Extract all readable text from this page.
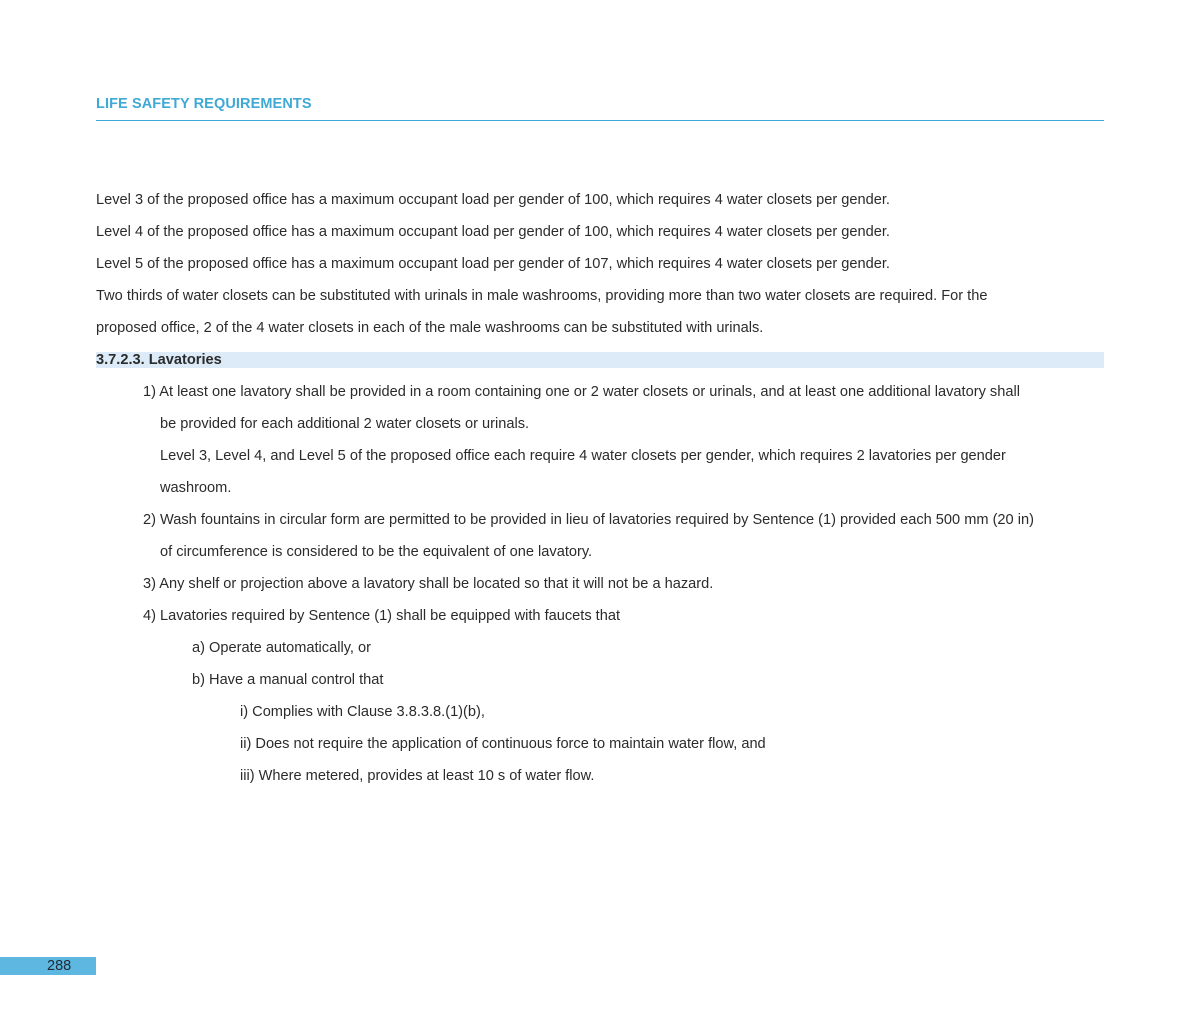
LIFE SAFETY REQUIREMENTS
Level 3 of the proposed office has a maximum occupant load per gender of 100, which requires 4 water closets per gender.
Level 4 of the proposed office has a maximum occupant load per gender of 100, which requires 4 water closets per gender.
Level 5 of the proposed office has a maximum occupant load per gender of 107, which requires 4 water closets per gender.
Two thirds of water closets can be substituted with urinals in male washrooms, providing more than two water closets are required. For the
proposed office, 2 of the 4 water closets in each of the male washrooms can be substituted with urinals.
3.7.2.3. Lavatories
1) At least one lavatory shall be provided in a room containing one or 2 water closets or urinals, and at least one additional lavatory shall
be provided for each additional 2 water closets or urinals.
Level 3, Level 4, and Level 5 of the proposed office each require 4 water closets per gender, which requires 2 lavatories per gender
washroom.
2) Wash fountains in circular form are permitted to be provided in lieu of lavatories required by Sentence (1) provided each 500 mm (20 in)
of circumference is considered to be the equivalent of one lavatory.
3) Any shelf or projection above a lavatory shall be located so that it will not be a hazard.
4) Lavatories required by Sentence (1) shall be equipped with faucets that
a) Operate automatically, or
b) Have a manual control that
i) Complies with Clause 3.8.3.8.(1)(b),
ii) Does not require the application of continuous force to maintain water flow, and
iii) Where metered, provides at least 10 s of water flow.
288
